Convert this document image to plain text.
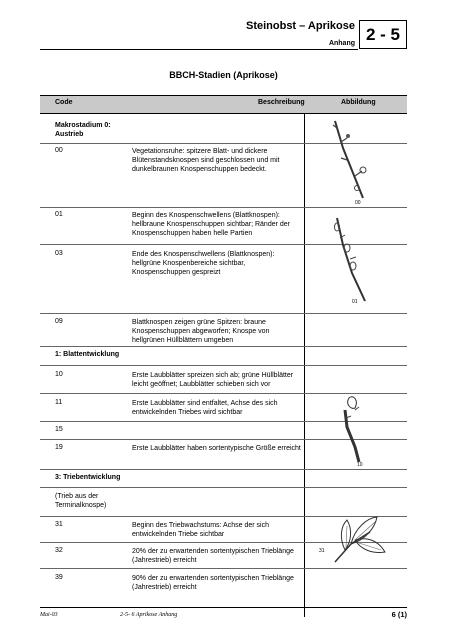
Steinobst – Aprikose
Anhang 2 - 5
BBCH-Stadien (Aprikose)
Code	Beschreibung	Abbildung
Makrostadium 0: Austrieb
00	Vegetationsruhe: spitzere Blatt- und dickere Blütenstandsknospen sind geschlossen und mit dunkelbraunen Knospenschuppen bedeckt.
01	Beginn des Knospenschwellens (Blattknospen): hellbraune Knospenschuppen sichtbar; Ränder der Knospenschuppen haben helle Partien
03	Ende des Knospenschwellens (Blattknospen): hellgrüne Knospenbereiche sichtbar, Knospenschuppen gespreizt
09	Blattknospen zeigen grüne Spitzen: braune Knospenschuppen abgeworfen; Knospe von hellgrünen Hüllblättern umgeben
1: Blattentwicklung
10	Erste Laubblätter spreizen sich ab; grüne Hüllblätter leicht geöffnet; Laubblätter schieben sich vor
11	Erste Laubblätter sind entfaltet, Achse des sich entwickelnden Triebes wird sichtbar
15
19	Erste Laubblätter haben sortentypische Größe erreicht
3: Triebentwicklung
(Trieb aus der Terminalknospe)
31	Beginn des Triebwachstums: Achse der sich entwickelnden Triebe sichtbar
32	20% der zu erwartenden sortentypischen Trieblänge (Jahrestrieb) erreicht
39	90% der zu erwartenden sortentypischen Trieblänge (Jahrestrieb) erreicht
00
01
10
31
Mai-03	2-5- 6 Aprikose Anhang	6 (1)
